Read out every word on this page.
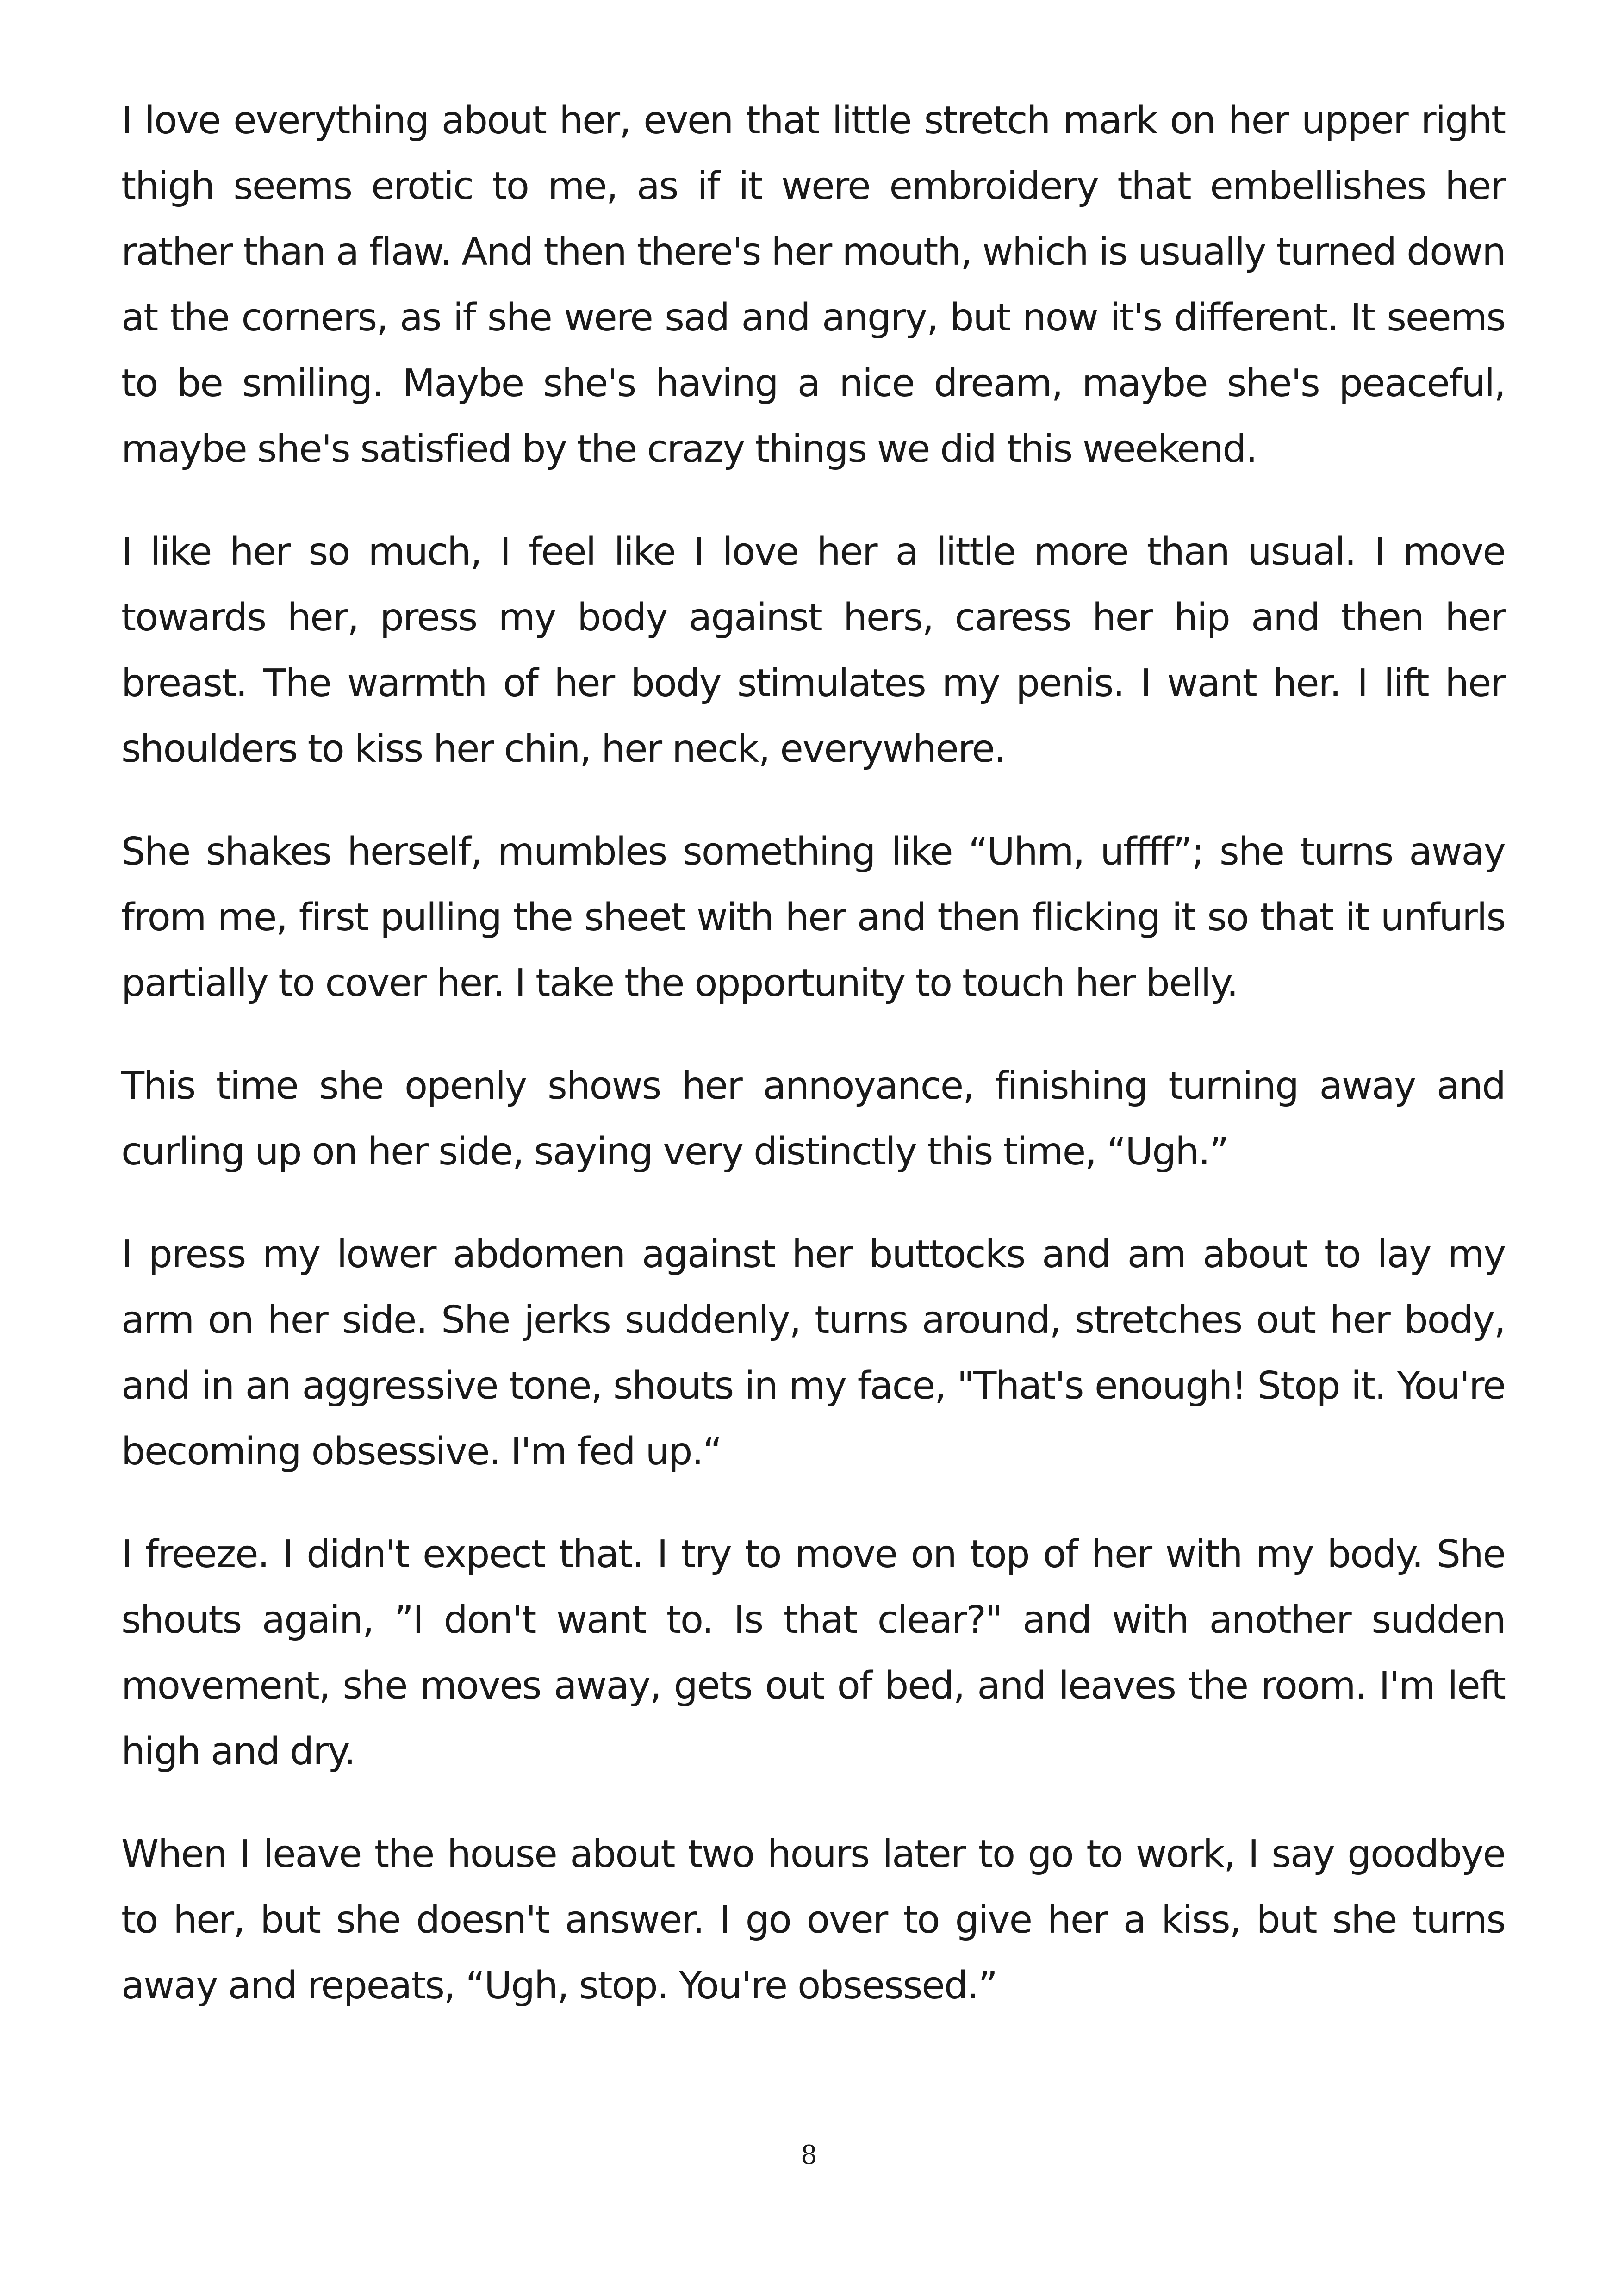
I love everything about her, even that little stretch mark on her upper right thigh seems erotic to me, as if it were embroidery that embellishes her rather than a flaw. And then there's her mouth, which is usually turned down at the corners, as if she were sad and angry, but now it's different. It seems to be smiling. Maybe she's having a nice dream, maybe she's peaceful, maybe she's satisfied by the crazy things we did this weekend.

I like her so much, I feel like I love her a little more than usual. I move towards her, press my body against hers, caress her hip and then her breast. The warmth of her body stimulates my penis. I want her. I lift her shoulders to kiss her chin, her neck, everywhere.

She shakes herself, mumbles something like “Uhm, uffff”; she turns away from me, first pulling the sheet with her and then flicking it so that it unfurls partially to cover her. I take the opportunity to touch her belly.

This time she openly shows her annoyance, finishing turning away and curling up on her side, saying very distinctly this time, “Ugh.”

I press my lower abdomen against her buttocks and am about to lay my arm on her side. She jerks suddenly, turns around, stretches out her body, and in an aggressive tone, shouts in my face, "That's enough! Stop it. You're becoming obsessive. I'm fed up.“

I freeze. I didn't expect that. I try to move on top of her with my body. She shouts again, ”I don't want to. Is that clear?" and with another sudden movement, she moves away, gets out of bed, and leaves the room. I'm left high and dry.

When I leave the house about two hours later to go to work, I say goodbye to her, but she doesn't answer. I go over to give her a kiss, but she turns away and repeats, “Ugh, stop. You're obsessed.”

8
